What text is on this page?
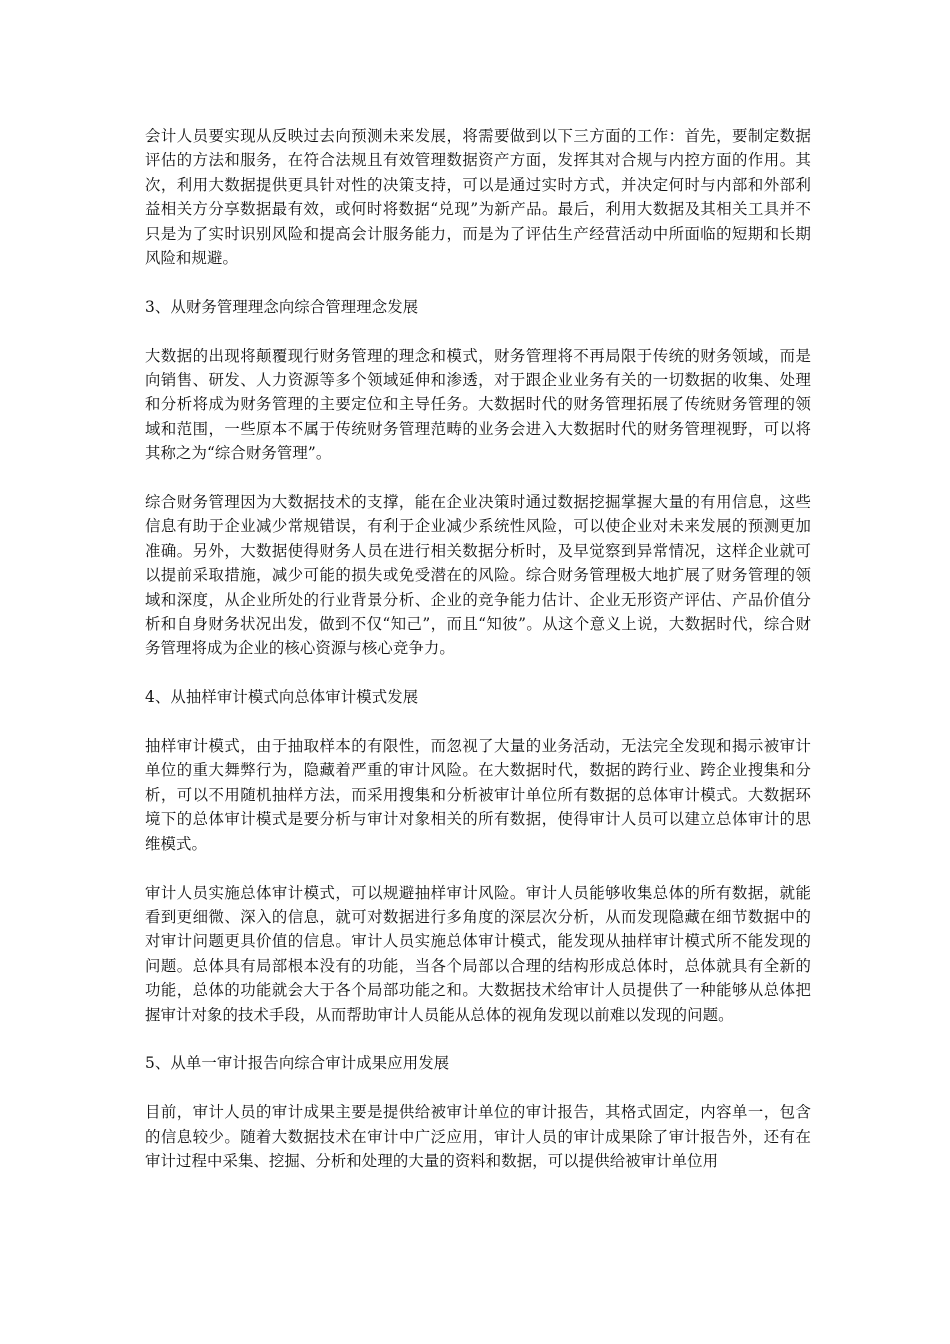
会计人员要实现从反映过去向预测未来发展，将需要做到以下三方面的工作：首先，要制定数据评估的方法和服务，在符合法规且有效管理数据资产方面，发挥其对合规与内控方面的作用。其次，利用大数据提供更具针对性的决策支持，可以是通过实时方式，并决定何时与内部和外部利益相关方分享数据最有效，或何时将数据“兑现”为新产品。最后，利用大数据及其相关工具并不只是为了实时识别风险和提高会计服务能力，而是为了评估生产经营活动中所面临的短期和长期风险和规避。

3、从财务管理理念向综合管理理念发展

大数据的出现将颠覆现行财务管理的理念和模式，财务管理将不再局限于传统的财务领域，而是向销售、研发、人力资源等多个领域延伸和渗透，对于跟企业业务有关的一切数据的收集、处理和分析将成为财务管理的主要定位和主导任务。大数据时代的财务管理拓展了传统财务管理的领域和范围，一些原本不属于传统财务管理范畴的业务会进入大数据时代的财务管理视野，可以将其称之为“综合财务管理”。

综合财务管理因为大数据技术的支撑，能在企业决策时通过数据挖掘掌握大量的有用信息，这些信息有助于企业减少常规错误，有利于企业减少系统性风险，可以使企业对未来发展的预测更加准确。另外，大数据使得财务人员在进行相关数据分析时，及早觉察到异常情况，这样企业就可以提前采取措施，减少可能的损失或免受潜在的风险。综合财务管理极大地扩展了财务管理的领域和深度，从企业所处的行业背景分析、企业的竞争能力估计、企业无形资产评估、产品价值分析和自身财务状况出发，做到不仅“知己”，而且“知彼”。从这个意义上说，大数据时代，综合财务管理将成为企业的核心资源与核心竞争力。

4、从抽样审计模式向总体审计模式发展

抽样审计模式，由于抽取样本的有限性，而忽视了大量的业务活动，无法完全发现和揭示被审计单位的重大舞弊行为，隐藏着严重的审计风险。在大数据时代，数据的跨行业、跨企业搜集和分析，可以不用随机抽样方法，而采用搜集和分析被审计单位所有数据的总体审计模式。大数据环境下的总体审计模式是要分析与审计对象相关的所有数据，使得审计人员可以建立总体审计的思维模式。

审计人员实施总体审计模式，可以规避抽样审计风险。审计人员能够收集总体的所有数据，就能看到更细微、深入的信息，就可对数据进行多角度的深层次分析，从而发现隐藏在细节数据中的对审计问题更具价值的信息。审计人员实施总体审计模式，能发现从抽样审计模式所不能发现的问题。总体具有局部根本没有的功能，当各个局部以合理的结构形成总体时，总体就具有全新的功能，总体的功能就会大于各个局部功能之和。大数据技术给审计人员提供了一种能够从总体把握审计对象的技术手段，从而帮助审计人员能从总体的视角发现以前难以发现的问题。

5、从单一审计报告向综合审计成果应用发展

目前，审计人员的审计成果主要是提供给被审计单位的审计报告，其格式固定，内容单一，包含的信息较少。随着大数据技术在审计中广泛应用，审计人员的审计成果除了审计报告外，还有在审计过程中采集、挖掘、分析和处理的大量的资料和数据，可以提供给被审计单位用
